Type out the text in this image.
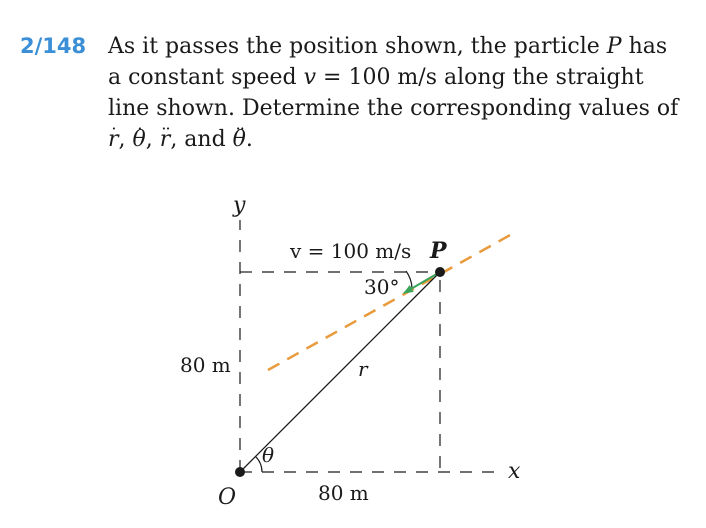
2/148 As it passes the position shown, the particle P has
a constant speed v = 100 m/s along the straight
line shown. Determine the corresponding values of
r ·, θ ·, r ··, and θ ··.
y
x
O
80 m
80 m
v = 100 m/s P
30°
r
θ
